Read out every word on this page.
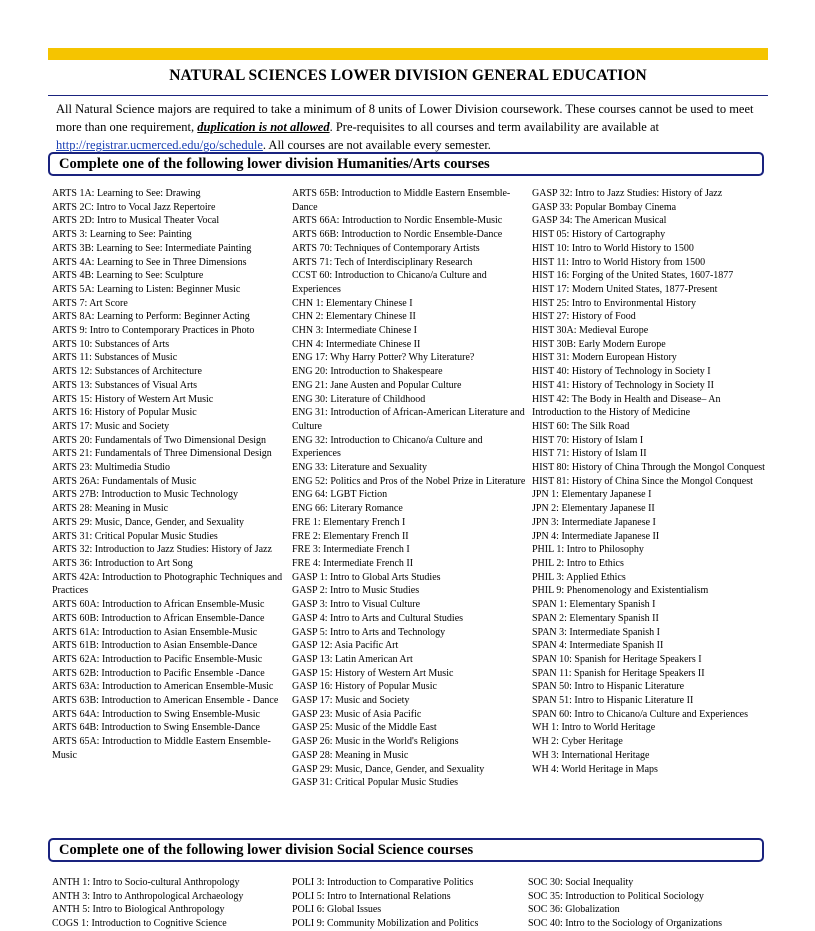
NATURAL SCIENCES LOWER DIVISION GENERAL EDUCATION
All Natural Science majors are required to take a minimum of 8 units of Lower Division coursework. These courses cannot be used to meet more than one requirement, duplication is not allowed. Pre-requisites to all courses and term availability are available at http://registrar.ucmerced.edu/go/schedule. All courses are not available every semester.
Complete one of the following lower division Humanities/Arts courses
ARTS 1A: Learning to See: Drawing
ARTS 2C: Intro to Vocal Jazz Repertoire
ARTS 2D: Intro to Musical Theater Vocal
ARTS 3: Learning to See: Painting
ARTS 3B: Learning to See: Intermediate Painting
ARTS 4A: Learning to See in Three Dimensions
ARTS 4B: Learning to See: Sculpture
ARTS 5A: Learning to Listen: Beginner Music
ARTS 7: Art Score
ARTS 8A: Learning to Perform: Beginner Acting
ARTS 9: Intro to Contemporary Practices in Photo
ARTS 10: Substances of Arts
ARTS 11: Substances of Music
ARTS 12: Substances of Architecture
ARTS 13: Substances of Visual Arts
ARTS 15: History of Western Art Music
ARTS 16: History of Popular Music
ARTS 17: Music and Society
ARTS 20: Fundamentals of Two Dimensional Design
ARTS 21: Fundamentals of Three Dimensional Design
ARTS 23: Multimedia Studio
ARTS 26A: Fundamentals of Music
ARTS 27B: Introduction to Music Technology
ARTS 28: Meaning in Music
ARTS 29: Music, Dance, Gender, and Sexuality
ARTS 31: Critical Popular Music Studies
ARTS 32: Introduction to Jazz Studies: History of Jazz
ARTS 36: Introduction to Art Song
ARTS 42A: Introduction to Photographic Techniques and Practices
ARTS 60A: Introduction to African Ensemble-Music
ARTS 60B: Introduction to African Ensemble-Dance
ARTS 61A: Introduction to Asian Ensemble-Music
ARTS 61B: Introduction to Asian Ensemble-Dance
ARTS 62A: Introduction to Pacific Ensemble-Music
ARTS 62B: Introduction to Pacific Ensemble -Dance
ARTS 63A: Introduction to American Ensemble-Music
ARTS 63B: Introduction to American Ensemble - Dance
ARTS 64A: Introduction to Swing Ensemble-Music
ARTS 64B: Introduction to Swing Ensemble-Dance
ARTS 65A: Introduction to Middle Eastern Ensemble-Music
ARTS 65B: Introduction to Middle Eastern Ensemble-Dance
ARTS 66A: Introduction to Nordic Ensemble-Music
ARTS 66B: Introduction to Nordic Ensemble-Dance
ARTS 70: Techniques of Contemporary Artists
ARTS 71: Tech of Interdisciplinary Research
CCST 60: Introduction to Chicano/a Culture and Experiences
CHN 1: Elementary Chinese I
CHN 2: Elementary Chinese II
CHN 3: Intermediate Chinese I
CHN 4: Intermediate Chinese II
ENG 17: Why Harry Potter? Why Literature?
ENG 20: Introduction to Shakespeare
ENG 21: Jane Austen and Popular Culture
ENG 30: Literature of Childhood
ENG 31: Introduction of African-American Literature and Culture
ENG 32: Introduction to Chicano/a Culture and Experiences
ENG 33: Literature and Sexuality
ENG 52: Politics and Pros of the Nobel Prize in Literature
ENG 64: LGBT Fiction
ENG 66: Literary Romance
FRE 1: Elementary French I
FRE 2: Elementary French II
FRE 3: Intermediate French I
FRE 4: Intermediate French II
GASP 1: Intro to Global Arts Studies
GASP 2: Intro to Music Studies
GASP 3: Intro to Visual Culture
GASP 4: Intro to Arts and Cultural Studies
GASP 5: Intro to Arts and Technology
GASP 12: Asia Pacific Art
GASP 13: Latin American Art
GASP 15: History of Western Art Music
GASP 16: History of Popular Music
GASP 17: Music and Society
GASP 23: Music of Asia Pacific
GASP 25: Music of the Middle East
GASP 26: Music in the World's Religions
GASP 28: Meaning in Music
GASP 29: Music, Dance, Gender, and Sexuality
GASP 31: Critical Popular Music Studies
GASP 32: Intro to Jazz Studies: History of Jazz
GASP 33: Popular Bombay Cinema
GASP 34: The American Musical
HIST 05: History of Cartography
HIST 10: Intro to World History to 1500
HIST 11: Intro to World History from 1500
HIST 16: Forging of the United States, 1607-1877
HIST 17: Modern United States, 1877-Present
HIST 25: Intro to Environmental History
HIST 27: History of Food
HIST 30A: Medieval Europe
HIST 30B: Early Modern Europe
HIST 31: Modern European History
HIST 40: History of Technology in Society I
HIST 41: History of Technology in Society II
HIST 42: The Body in Health and Disease– An Introduction to the History of Medicine
HIST 60: The Silk Road
HIST 70: History of Islam I
HIST 71: History of Islam II
HIST 80: History of China Through the Mongol Conquest
HIST 81: History of China Since the Mongol Conquest
JPN 1: Elementary Japanese I
JPN 2: Elementary Japanese II
JPN 3: Intermediate Japanese I
JPN 4: Intermediate Japanese II
PHIL 1: Intro to Philosophy
PHIL 2: Intro to Ethics
PHIL 3: Applied Ethics
PHIL 9: Phenomenology and Existentialism
SPAN 1: Elementary Spanish I
SPAN 2: Elementary Spanish II
SPAN 3: Intermediate Spanish I
SPAN 4: Intermediate Spanish II
SPAN 10: Spanish for Heritage Speakers I
SPAN 11: Spanish for Heritage Speakers II
SPAN 50: Intro to Hispanic Literature
SPAN 51: Intro to Hispanic Literature II
SPAN 60: Intro to Chicano/a Culture and Experiences
WH 1: Intro to World Heritage
WH 2: Cyber Heritage
WH 3: International Heritage
WH 4: World Heritage in Maps
Complete one of the following lower division Social Science courses
ANTH 1: Intro to Socio-cultural Anthropology
ANTH 3: Intro to Anthropological Archaeology
ANTH 5: Intro to Biological Anthropology
COGS 1: Introduction to Cognitive Science
POLI 3: Introduction to Comparative Politics
POLI 5: Intro to International Relations
POLI 6: Global Issues
POLI 9: Community Mobilization and Politics
SOC 30: Social Inequality
SOC 35: Introduction to Political Sociology
SOC 36: Globalization
SOC 40: Intro to the Sociology of Organizations
